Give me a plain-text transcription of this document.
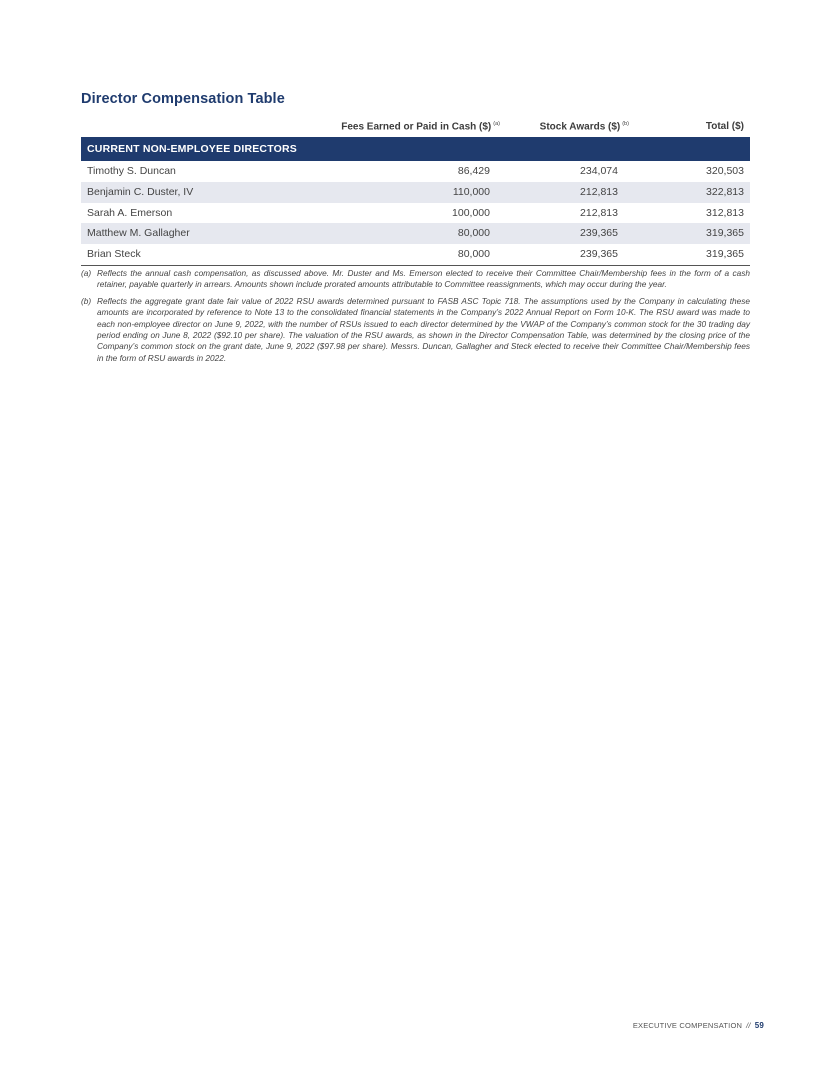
Director Compensation Table
Fees Earned or Paid in Cash ($) $^{(a)}$	Stock Awards ($) $^{(b)}$	Total ($)
CURRENT NON-EMPLOYEE DIRECTORS
Timothy S. Duncan	86,429	234,074	320,503
Benjamin C. Duster, IV	110,000	212,813	322,813
Sarah A. Emerson	100,000	212,813	312,813
Matthew M. Gallagher	80,000	239,365	319,365
Brian Steck	80,000	239,365	319,365
(a) Reflects the annual cash compensation, as discussed above. Mr. Duster and Ms. Emerson elected to receive their Committee Chair/Membership fees in the form of a cash retainer, payable quarterly in arrears. Amounts shown include prorated amounts attributable to Committee reassignments, which may occur during the year.
(b) Reflects the aggregate grant date fair value of 2022 RSU awards determined pursuant to FASB ASC Topic 718. The assumptions used by the Company in calculating these amounts are incorporated by reference to Note 13 to the consolidated financial statements in the Company’s 2022 Annual Report on Form 10-K. The RSU award was made to each non-employee director on June 9, 2022, with the number of RSUs issued to each director determined by the VWAP of the Company’s common stock for the 30 trading day period ending on June 8, 2022 ($92.10 per share). The valuation of the RSU awards, as shown in the Director Compensation Table, was determined by the closing price of the Company’s common stock on the grant date, June 9, 2022 ($97.98 per share). Messrs. Duncan, Gallagher and Steck elected to receive their Committee Chair/Membership fees in the form of RSU awards in 2022.
EXECUTIVE COMPENSATION // 59
